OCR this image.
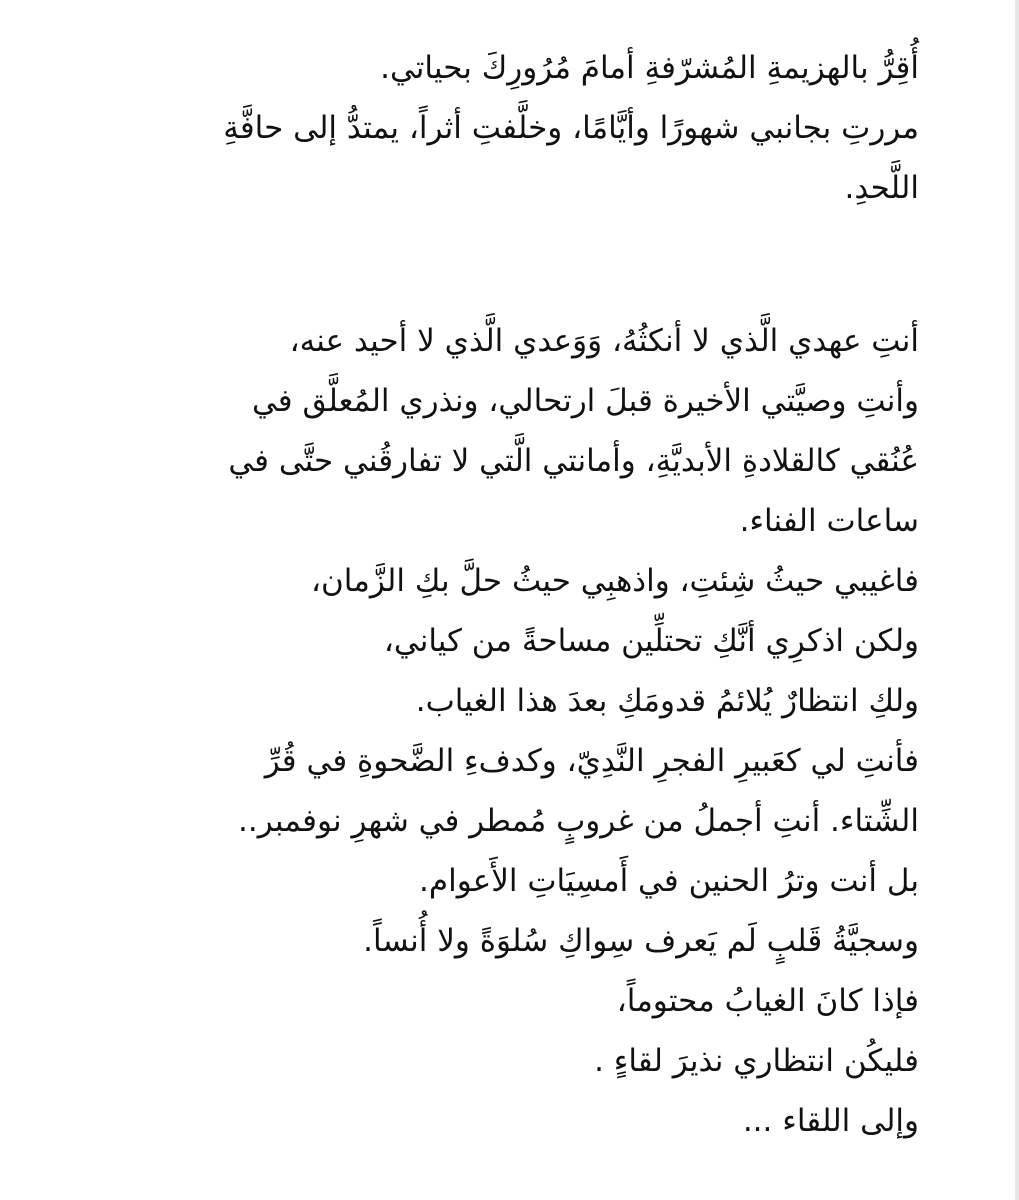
أُقِرُّ بالهزيمةِ المُشرّفةِ أمامَ مُرُورِكَ بحياتي.
مررتِ بجانبي شهورًا وأيَّامًا، وخلَّفتِ أثراً، يمتدُّ إلى حافَّةِ
اللَّحدِ.
أنتِ عهدي الَّذي لا أنكثُهُ، وَوَعدي الَّذي لا أحيد عنه،
وأنتِ وصيَّتي الأخيرة قبلَ ارتحالي، ونذري المُعلَّق في
عُنُقي كالقلادةِ الأبديَّةِ، وأمانتي الَّتي لا تفارقُني حتَّى في
ساعات الفناء.
فاغيبي حيثُ شِئتِ، واذهبِي حيثُ حلَّ بكِ الزَّمان،
ولكن اذكرِي أنَّكِ تحتلِّين مساحةً من كياني،
ولكِ انتظارٌ يُلائمُ قدومَكِ بعدَ هذا الغياب.
فأنتِ لي كعَبيرِ الفجرِ النَّدِيّ، وكدفءِ الضَّحوةِ في قُرِّ
الشِّتاء. أنتِ أجملُ من غروبٍ مُمطر في شهرِ نوفمبر..
بل أنت وترُ الحنين في أَمسِيَاتِ الأَعوام.
وسجيَّةُ قَلبٍ لَم يَعرف سِواكِ سُلوَةً ولا أُنساً.
فإذا كانَ الغيابُ محتوماً،
فليكُن انتظاري نذيرَ لقاءٍ .
وإلى اللقاء ...
